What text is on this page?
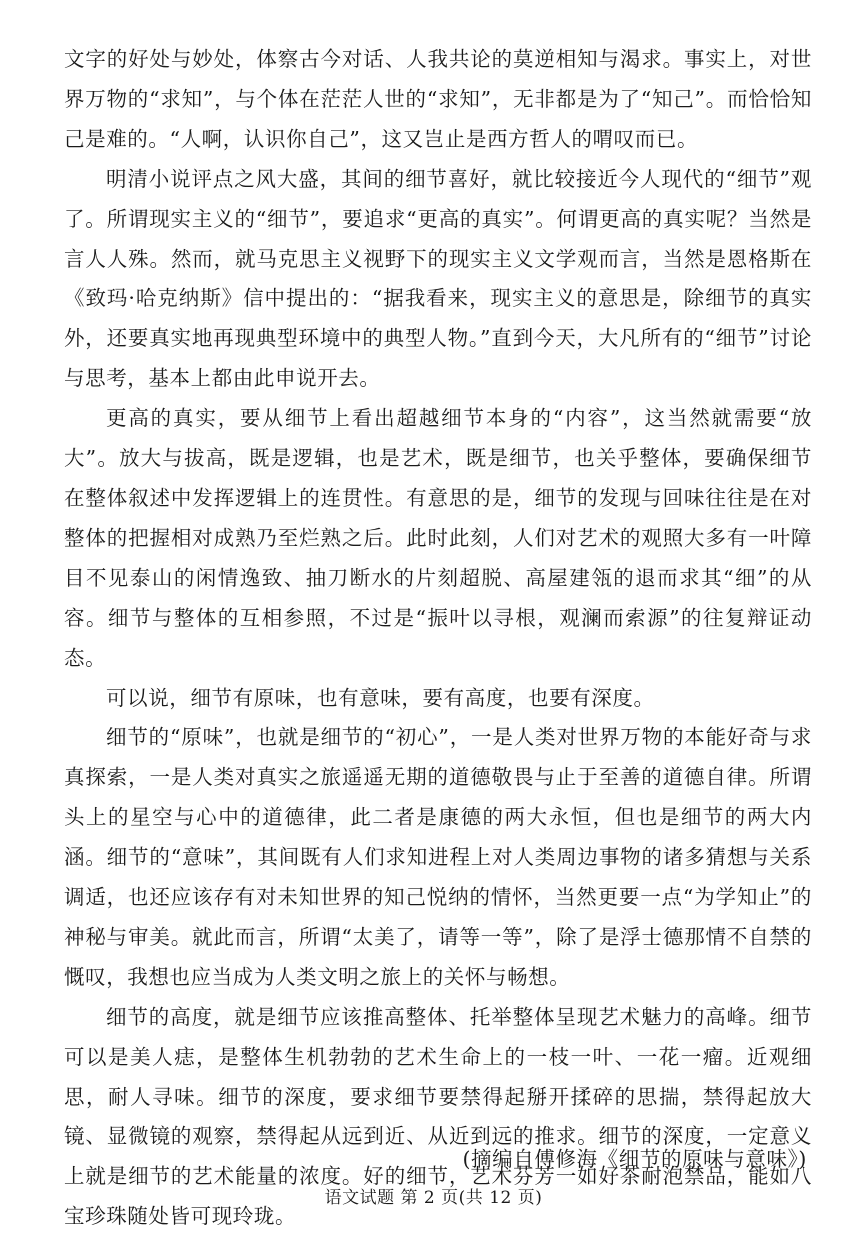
文字的好处与妙处，体察古今对话、人我共论的莫逆相知与渴求。事实上，对世界万物的“求知”，与个体在茫茫人世的“求知”，无非都是为了“知己”。而恰恰知己是难的。“人啊，认识你自己”，这又岂止是西方哲人的喟叹而已。

明清小说评点之风大盛，其间的细节喜好，就比较接近今人现代的“细节”观了。所谓现实主义的“细节”，要追求“更高的真实”。何谓更高的真实呢？当然是言人人殊。然而，就马克思主义视野下的现实主义文学观而言，当然是恩格斯在《致玛·哈克纳斯》信中提出的：“据我看来，现实主义的意思是，除细节的真实外，还要真实地再现典型环境中的典型人物。”直到今天，大凡所有的“细节”讨论与思考，基本上都由此申说开去。

更高的真实，要从细节上看出超越细节本身的“内容”，这当然就需要“放大”。放大与拔高，既是逻辑，也是艺术，既是细节，也关乎整体，要确保细节在整体叙述中发挥逻辑上的连贯性。有意思的是，细节的发现与回味往往是在对整体的把握相对成熟乃至烂熟之后。此时此刻，人们对艺术的观照大多有一叶障目不见泰山的闲情逸致、抽刀断水的片刻超脱、高屋建瓴的退而求其“细”的从容。细节与整体的互相参照，不过是“振叶以寻根，观澜而索源”的往复辩证动态。

可以说，细节有原味，也有意味，要有高度，也要有深度。

细节的“原味”，也就是细节的“初心”，一是人类对世界万物的本能好奇与求真探索，一是人类对真实之旅遥遥无期的道德敬畏与止于至善的道德自律。所谓头上的星空与心中的道德律，此二者是康德的两大永恒，但也是细节的两大内涵。细节的“意味”，其间既有人们求知进程上对人类周边事物的诸多猜想与关系调适，也还应该存有对未知世界的知己悦纳的情怀，当然更要一点“为学知止”的神秘与审美。就此而言，所谓“太美了，请等一等”，除了是浮士德那情不自禁的慨叹，我想也应当成为人类文明之旅上的关怀与畅想。

细节的高度，就是细节应该推高整体、托举整体呈现艺术魅力的高峰。细节可以是美人痣，是整体生机勃勃的艺术生命上的一枝一叶、一花一瘤。近观细思，耐人寻味。细节的深度，要求细节要禁得起掰开揉碎的思揣，禁得起放大镜、显微镜的观察，禁得起从远到近、从近到远的推求。细节的深度，一定意义上就是细节的艺术能量的浓度。好的细节，艺术芬芳一如好茶耐泡禁品，能如八宝珍珠随处皆可现玲珑。

(摘编自傅修海《细节的原味与意味》)
语文试题 第 2 页(共 12 页)
